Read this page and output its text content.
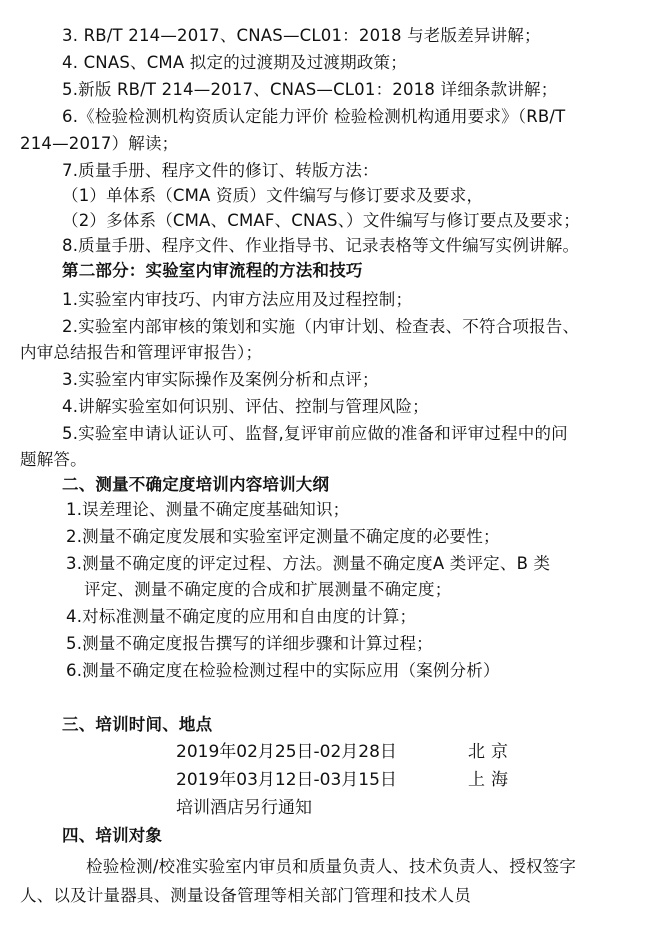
3. RB/T 214—2017、CNAS—CL01：2018 与老版差异讲解；
4. CNAS、CMA 拟定的过渡期及过渡期政策；
5.新版 RB/T 214—2017、CNAS—CL01：2018 详细条款讲解；
6.《检验检测机构资质认定能力评价 检验检测机构通用要求》（RB/T
214—2017）解读；
7.质量手册、程序文件的修订、转版方法：
（1）单体系（CMA 资质）文件编写与修订要求及要求，
（2）多体系（CMA、CMAF、CNAS、）文件编写与修订要点及要求；
8.质量手册、程序文件、作业指导书、记录表格等文件编写实例讲解。
第二部分：实验室内审流程的方法和技巧
1.实验室内审技巧、内审方法应用及过程控制；
2.实验室内部审核的策划和实施（内审计划、检查表、不符合项报告、
内审总结报告和管理评审报告）；
3.实验室内审实际操作及案例分析和点评；
4.讲解实验室如何识别、评估、控制与管理风险；
5.实验室申请认证认可、监督,复评审前应做的准备和评审过程中的问
题解答。
二、测量不确定度培训内容培训大纲
1.误差理论、测量不确定度基础知识；
2.测量不确定度发展和实验室评定测量不确定度的必要性；
3.测量不确定度的评定过程、方法。测量不确定度A 类评定、B 类
评定、测量不确定度的合成和扩展测量不确定度；
4.对标准测量不确定度的应用和自由度的计算；
5.测量不确定度报告撰写的详细步骤和计算过程；
6.测量不确定度在检验检测过程中的实际应用（案例分析）
三、培训时间、地点
2019年02月25日-02月28日	北京
2019年03月12日-03月15日	上海
培训酒店另行通知
四、培训对象
检验检测/校准实验室内审员和质量负责人、技术负责人、授权签字
人、以及计量器具、测量设备管理等相关部门管理和技术人员
